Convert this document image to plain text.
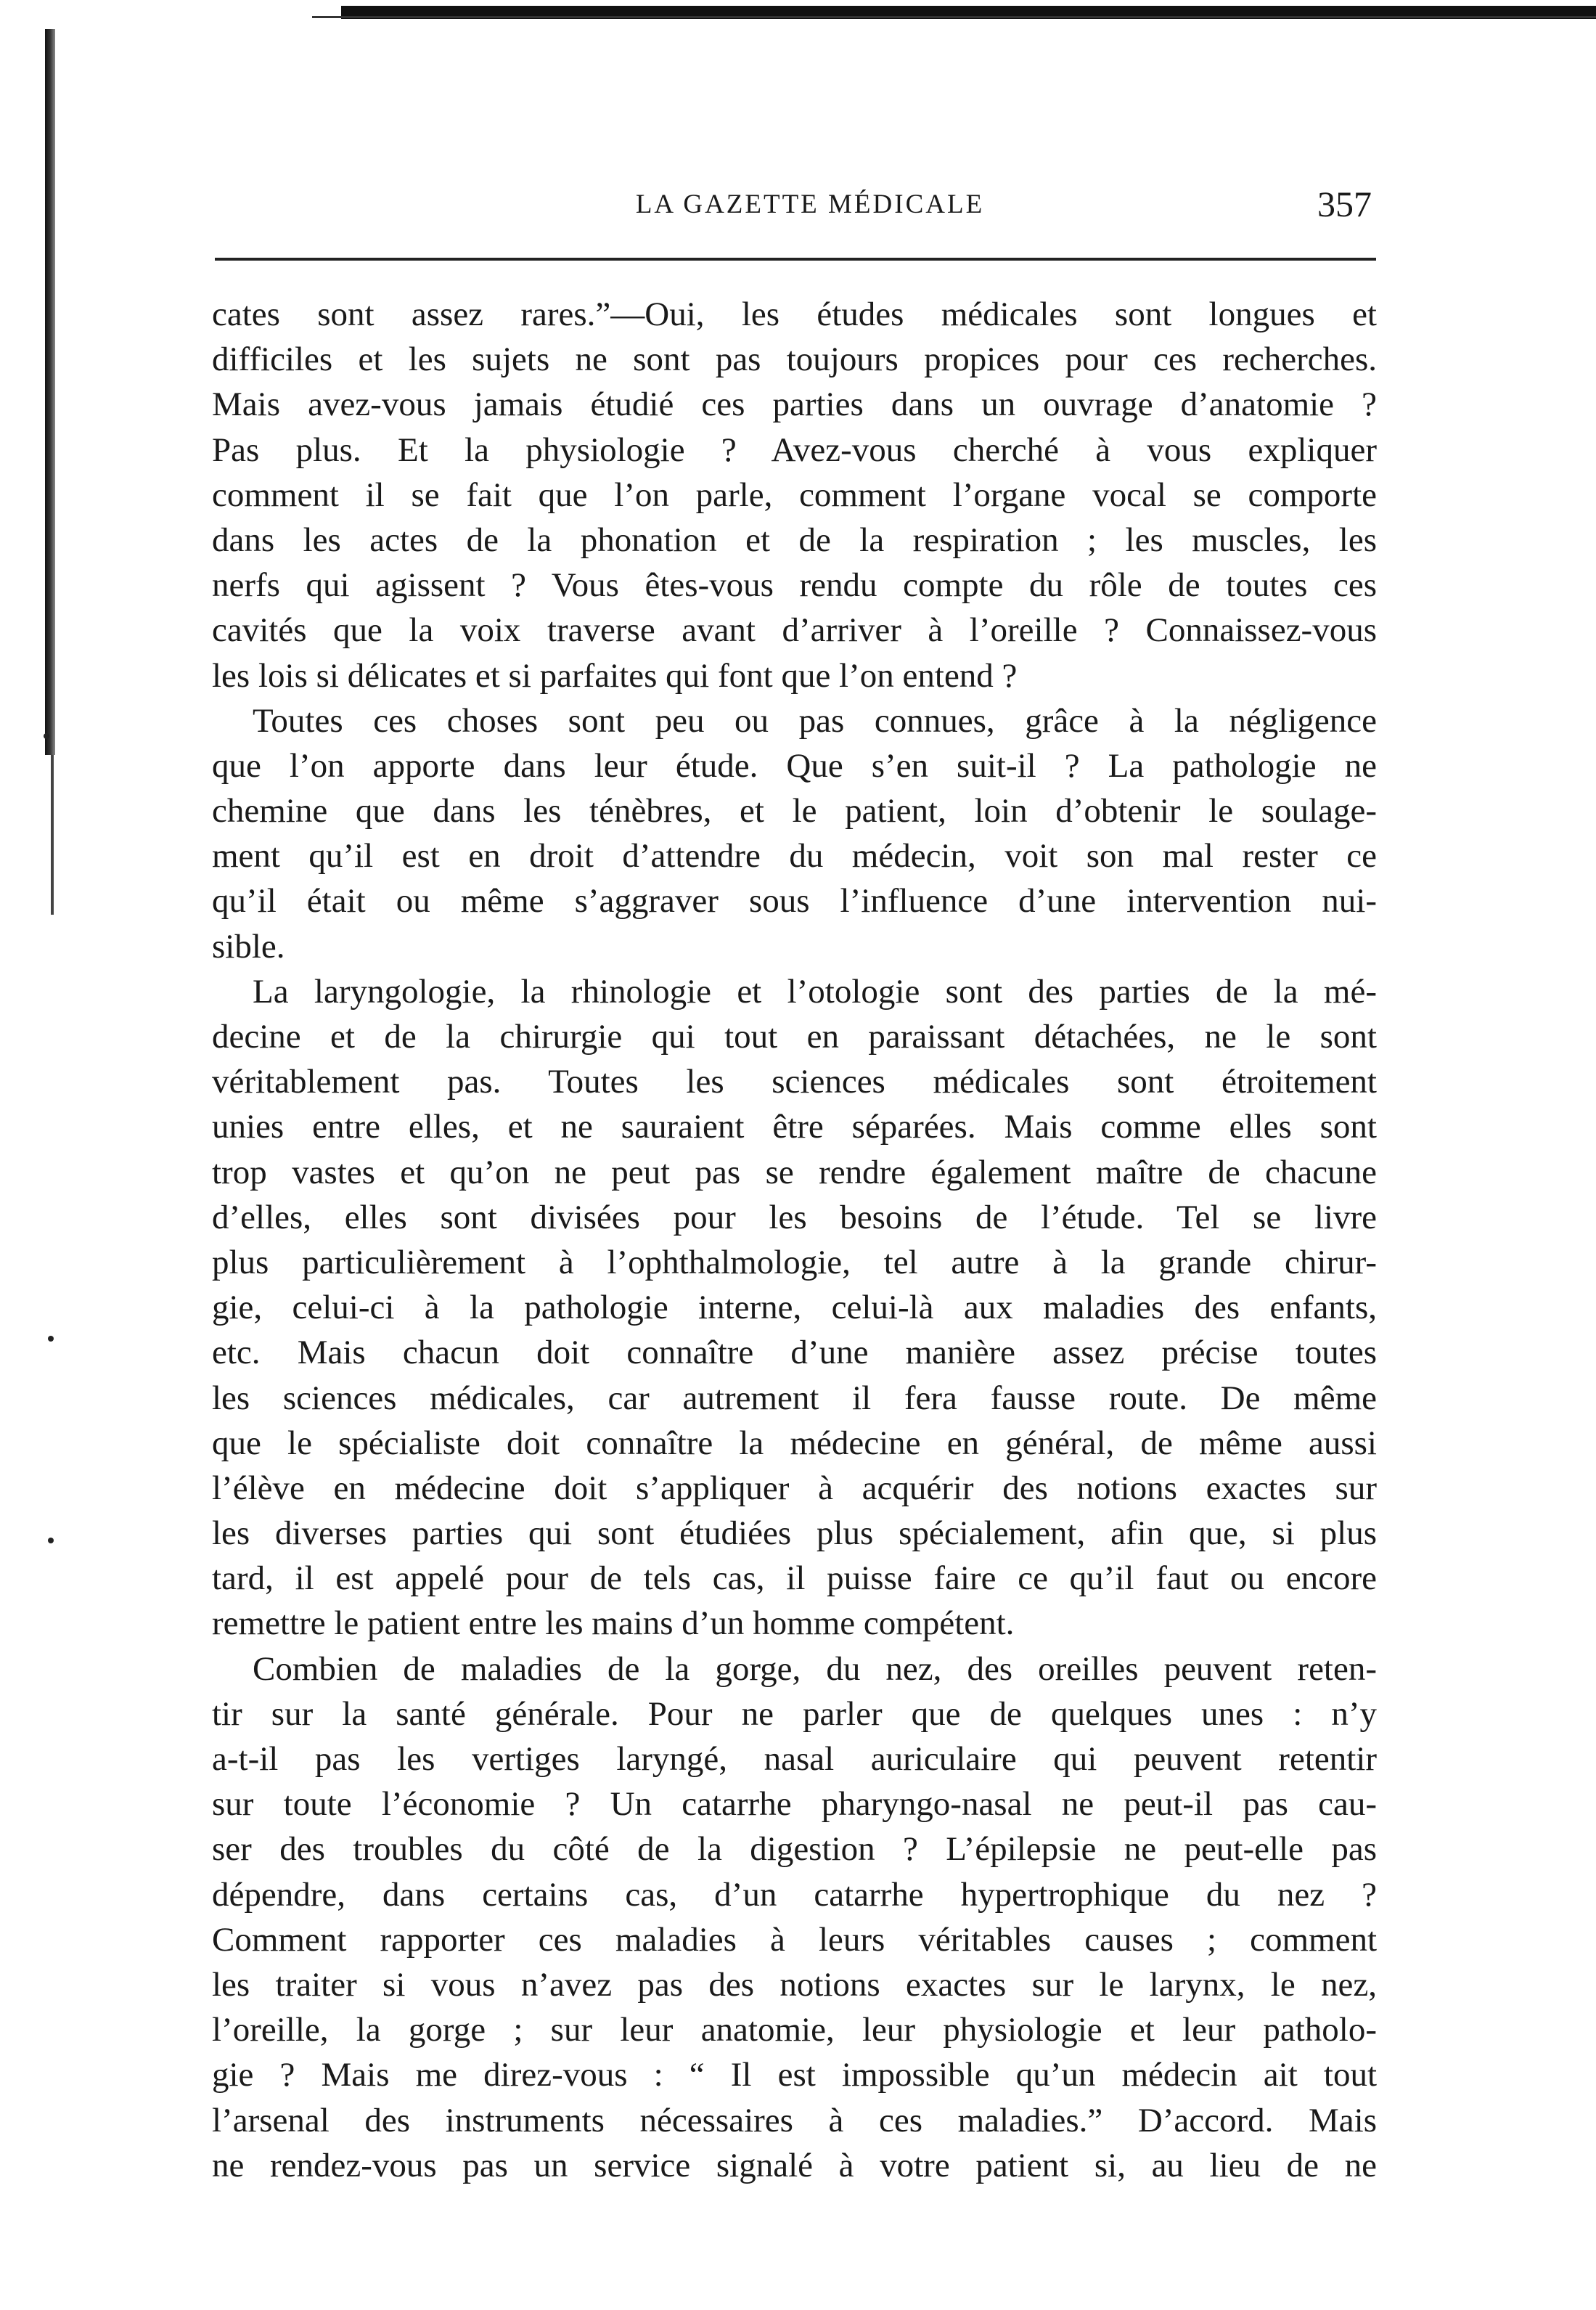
LA GAZETTE MÉDICALE	357
cates sont assez rares.”—Oui, les études médicales sont longues et
difficiles et les sujets ne sont pas toujours propices pour ces recherches.
Mais avez-vous jamais étudié ces parties dans un ouvrage d’anatomie ?
Pas plus. Et la physiologie ? Avez-vous cherché à vous expliquer
comment il se fait que l’on parle, comment l’organe vocal se comporte
dans les actes de la phonation et de la respiration ; les muscles, les
nerfs qui agissent ? Vous êtes-vous rendu compte du rôle de toutes ces
cavités que la voix traverse avant d’arriver à l’oreille ? Connaissez-vous
les lois si délicates et si parfaites qui font que l’on entend ?
Toutes ces choses sont peu ou pas connues, grâce à la négligence
que l’on apporte dans leur étude. Que s’en suit-il ? La pathologie ne
chemine que dans les ténèbres, et le patient, loin d’obtenir le soulage-
ment qu’il est en droit d’attendre du médecin, voit son mal rester ce
qu’il était ou même s’aggraver sous l’influence d’une intervention nui-
sible.
La laryngologie, la rhinologie et l’otologie sont des parties de la mé-
decine et de la chirurgie qui tout en paraissant détachées, ne le sont
véritablement pas. Toutes les sciences médicales sont étroitement
unies entre elles, et ne sauraient être séparées. Mais comme elles sont
trop vastes et qu’on ne peut pas se rendre également maître de chacune
d’elles, elles sont divisées pour les besoins de l’étude. Tel se livre
plus particulièrement à l’ophthalmologie, tel autre à la grande chirur-
gie, celui-ci à la pathologie interne, celui-là aux maladies des enfants,
etc. Mais chacun doit connaître d’une manière assez précise toutes
les sciences médicales, car autrement il fera fausse route. De même
que le spécialiste doit connaître la médecine en général, de même aussi
l’élève en médecine doit s’appliquer à acquérir des notions exactes sur
les diverses parties qui sont étudiées plus spécialement, afin que, si plus
tard, il est appelé pour de tels cas, il puisse faire ce qu’il faut ou encore
remettre le patient entre les mains d’un homme compétent.
Combien de maladies de la gorge, du nez, des oreilles peuvent reten-
tir sur la santé générale. Pour ne parler que de quelques unes : n’y
a-t-il pas les vertiges laryngé, nasal auriculaire qui peuvent retentir
sur toute l’économie ? Un catarrhe pharyngo-nasal ne peut-il pas cau-
ser des troubles du côté de la digestion ? L’épilepsie ne peut-elle pas
dépendre, dans certains cas, d’un catarrhe hypertrophique du nez ?
Comment rapporter ces maladies à leurs véritables causes ; comment
les traiter si vous n’avez pas des notions exactes sur le larynx, le nez,
l’oreille, la gorge ; sur leur anatomie, leur physiologie et leur patholo-
gie ? Mais me direz-vous : “ Il est impossible qu’un médecin ait tout
l’arsenal des instruments nécessaires à ces maladies.” D’accord. Mais
ne rendez-vous pas un service signalé à votre patient si, au lieu de ne
